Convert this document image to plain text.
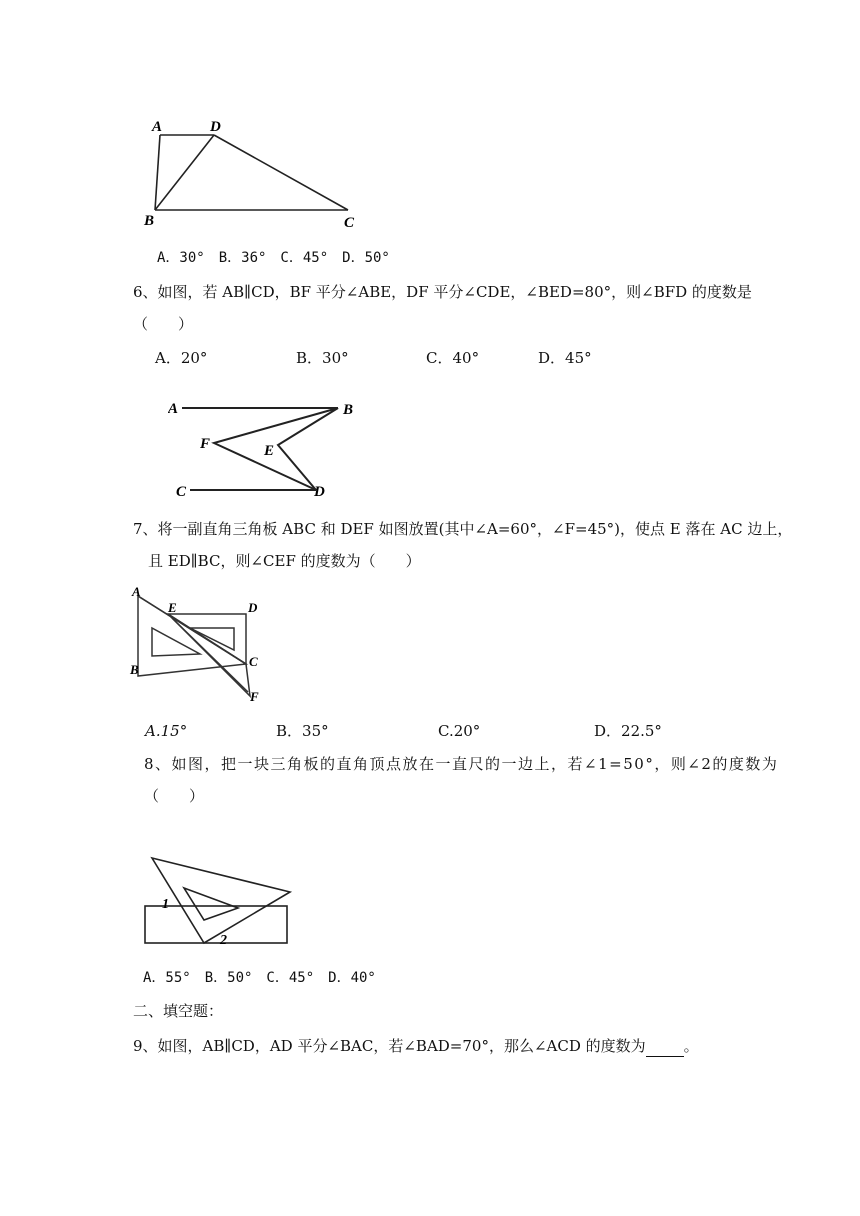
A	D
B	C
A．30°　B．36°　C．45°　D．50°
6、如图，若 AB∥CD，BF 平分∠ABE，DF 平分∠CDE，∠BED=80°，则∠BFD 的度数是
（　　）
A．20°	B．30°	C．40°	D．45°
A	B
F	E
C	D
7、将一副直角三角板 ABC 和 DEF 如图放置(其中∠A=60°，∠F=45°)，使点 E 落在 AC 边上，
且 ED∥BC，则∠CEF 的度数为（　　）
A
E	D
B
C
F
A.15°	B．35°	C.20°	D．22.5°
8、如图，把一块三角板的直角顶点放在一直尺的一边上，若∠1=50°，则∠2的度数为
（　　）
1
2
A．55°　B．50°　C．45°　D．40°
二、填空题：
9、如图，AB∥CD，AD 平分∠BAC，若∠BAD=70°，那么∠ACD 的度数为	。
